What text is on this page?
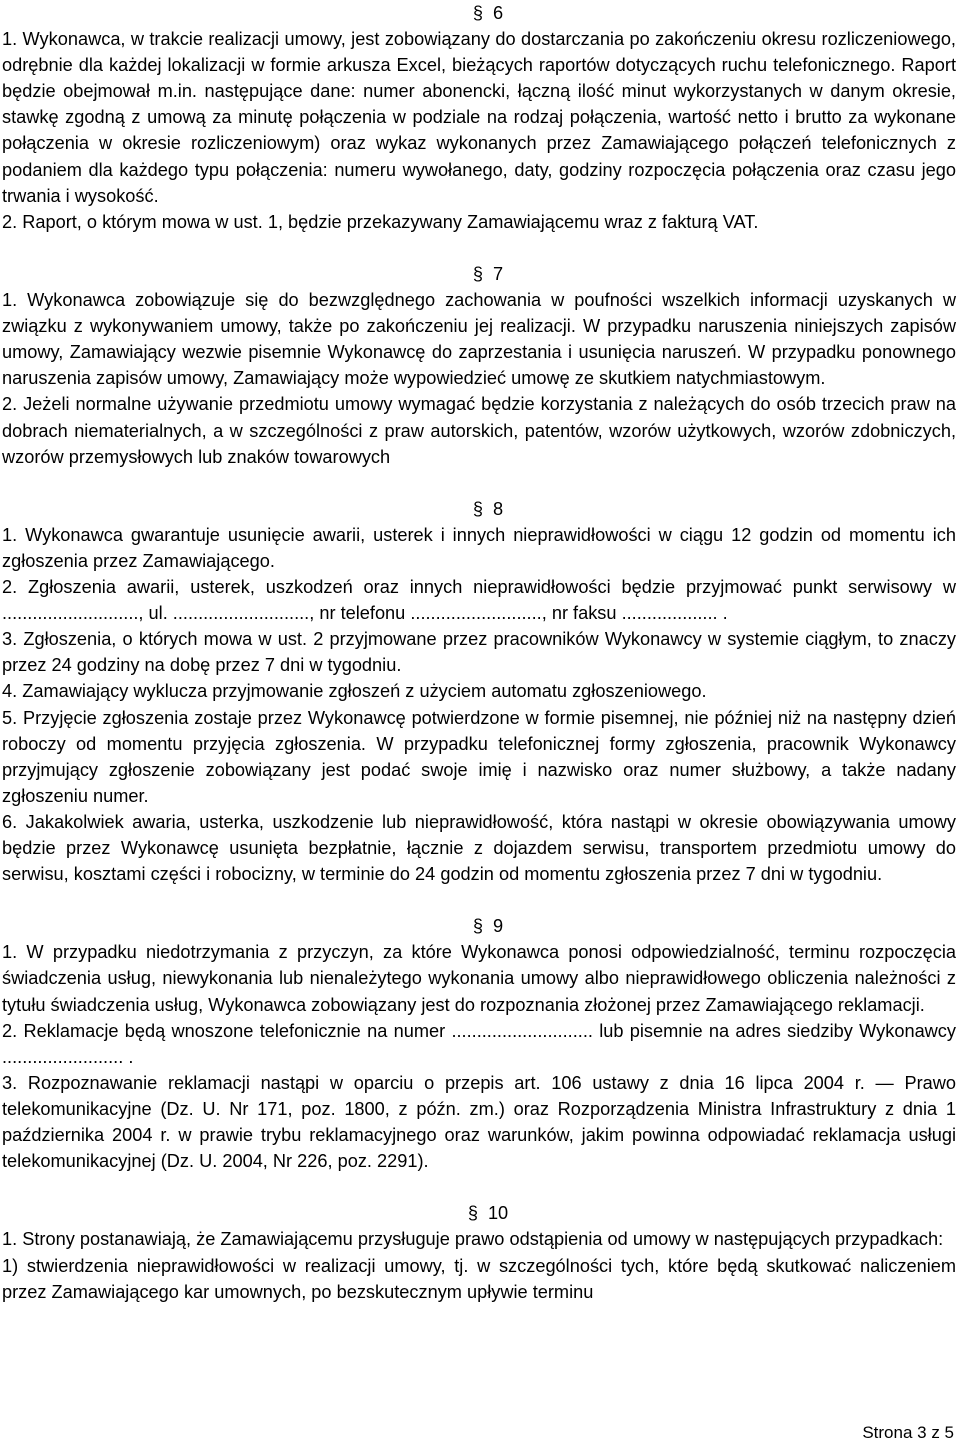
§ 6

1. Wykonawca, w trakcie realizacji umowy, jest zobowiązany do dostarczania po zakończeniu okresu rozliczeniowego, odrębnie dla każdej lokalizacji w formie arkusza Excel, bieżących raportów dotyczących ruchu telefonicznego. Raport będzie obejmował m.in. następujące dane: numer abonencki, łączną ilość minut wykorzystanych w danym okresie, stawkę zgodną z umową za minutę połączenia w podziale na rodzaj połączenia, wartość netto i brutto za wykonane połączenia w okresie rozliczeniowym) oraz wykaz wykonanych przez Zamawiającego połączeń telefonicznych z podaniem dla każdego typu połączenia: numeru wywołanego, daty, godziny rozpoczęcia połączenia oraz czasu jego trwania i wysokość.

2. Raport, o którym mowa w ust. 1, będzie przekazywany Zamawiającemu wraz z fakturą VAT.

§ 7

1. Wykonawca zobowiązuje się do bezwzględnego zachowania w poufności wszelkich informacji uzyskanych w związku z wykonywaniem umowy, także po zakończeniu jej realizacji. W przypadku naruszenia niniejszych zapisów umowy, Zamawiający wezwie pisemnie Wykonawcę do zaprzestania i usunięcia naruszeń. W przypadku ponownego naruszenia zapisów umowy, Zamawiający może wypowiedzieć umowę ze skutkiem natychmiastowym.

2. Jeżeli normalne używanie przedmiotu umowy wymagać będzie korzystania z należących do osób trzecich praw na dobrach niematerialnych, a w szczególności z praw autorskich, patentów, wzorów użytkowych, wzorów zdobniczych, wzorów przemysłowych lub znaków towarowych

§ 8

1. Wykonawca gwarantuje usunięcie awarii, usterek i innych nieprawidłowości w ciągu 12 godzin od momentu ich zgłoszenia przez Zamawiającego.

2. Zgłoszenia awarii, usterek, uszkodzeń oraz innych nieprawidłowości będzie przyjmować punkt serwisowy w ..........................., ul. ..........................., nr telefonu .........................., nr faksu ................... .

3. Zgłoszenia, o których mowa w ust. 2 przyjmowane przez pracowników Wykonawcy w systemie ciągłym, to znaczy przez 24 godziny na dobę przez 7 dni w tygodniu.

4. Zamawiający wyklucza przyjmowanie zgłoszeń z użyciem automatu zgłoszeniowego.

5. Przyjęcie zgłoszenia zostaje przez Wykonawcę potwierdzone w formie pisemnej, nie później niż na następny dzień roboczy od momentu przyjęcia zgłoszenia. W przypadku telefonicznej formy zgłoszenia, pracownik Wykonawcy przyjmujący zgłoszenie zobowiązany jest podać swoje imię i nazwisko oraz numer służbowy, a także nadany zgłoszeniu numer.

6. Jakakolwiek awaria, usterka, uszkodzenie lub nieprawidłowość, która nastąpi w okresie obowiązywania umowy będzie przez Wykonawcę usunięta bezpłatnie, łącznie z dojazdem serwisu, transportem przedmiotu umowy do serwisu, kosztami części i robocizny, w terminie do 24 godzin od momentu zgłoszenia przez 7 dni w tygodniu.

§ 9

1. W przypadku niedotrzymania z przyczyn, za które Wykonawca ponosi odpowiedzialność, terminu rozpoczęcia świadczenia usług, niewykonania lub nienależytego wykonania umowy albo nieprawidłowego obliczenia należności z tytułu świadczenia usług, Wykonawca zobowiązany jest do rozpoznania złożonej przez Zamawiającego reklamacji.

2. Reklamacje będą wnoszone telefonicznie na numer ............................ lub pisemnie na adres siedziby Wykonawcy ........................ .

3. Rozpoznawanie reklamacji nastąpi w oparciu o przepis art. 106 ustawy z dnia 16 lipca 2004 r. — Prawo telekomunikacyjne (Dz. U. Nr 171, poz. 1800, z późn. zm.) oraz Rozporządzenia Ministra Infrastruktury z dnia 1 października 2004 r. w prawie trybu reklamacyjnego oraz warunków, jakim powinna odpowiadać reklamacja usługi telekomunikacyjnej (Dz. U. 2004, Nr 226, poz. 2291).

§ 10

1. Strony postanawiają, że Zamawiającemu przysługuje prawo odstąpienia od umowy w następujących przypadkach:

1) stwierdzenia nieprawidłowości w realizacji umowy, tj. w szczególności tych, które będą skutkować naliczeniem przez Zamawiającego kar umownych, po bezskutecznym upływie terminu

Strona 3 z 5
